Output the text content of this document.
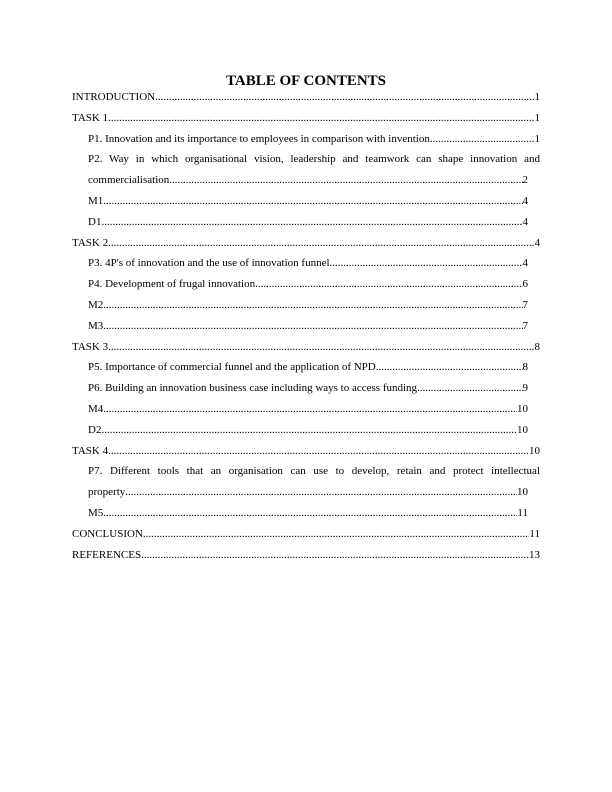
TABLE OF CONTENTS
INTRODUCTION .....	1
TASK 1 .....	1
P1. Innovation and its importance to employees in comparison with invention .....	1
P2. Way in which organisational vision, leadership and teamwork can shape innovation and
commercialisation .....	2
M1 .....	4
D1 .....	4
TASK 2 .....	4
P3. 4P's of innovation and the use of innovation funnel .....	4
P4. Development of frugal innovation .....	6
M2 .....	7
M3 .....	7
TASK 3 .....	8
P5. Importance of commercial funnel and the application of NPD .....	8
P6. Building an innovation business case including ways to access funding .....	9
M4 .....	10
D2 .....	10
TASK 4 .....	10
P7. Different tools that an organisation can use to develop, retain and protect intellectual
property .....	10
M5 .....	11
CONCLUSION .....	11
REFERENCES .....	13
